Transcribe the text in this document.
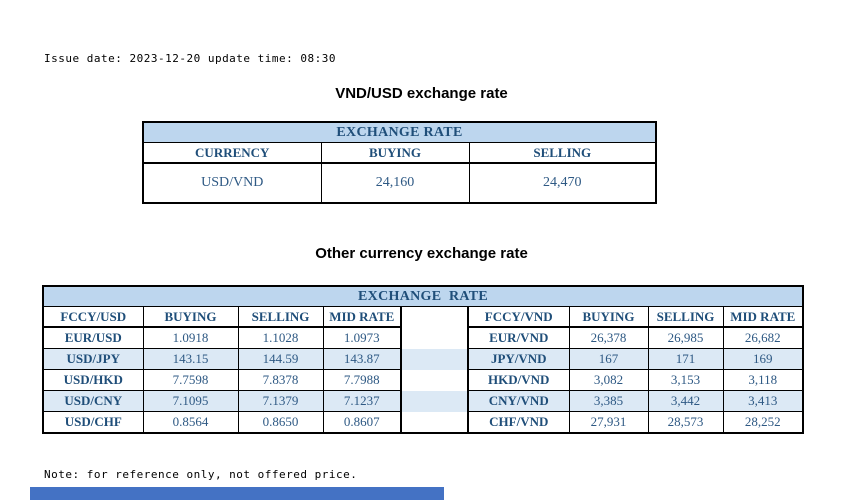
Issue date: 2023-12-20 update time: 08:30
VND/USD exchange rate
EXCHANGE RATE		
CURRENCY	BUYING	SELLING
USD/VND	24,160	24,470
Other currency exchange rate
EXCHANGE  RATE								
FCCY/USD	BUYING	SELLING	MID RATE		FCCY/VND	BUYING	SELLING	MID RATE
EUR/USD	1.0918	1.1028	1.0973		EUR/VND	26,378	26,985	26,682
USD/JPY	143.15	144.59	143.87		JPY/VND	167	171	169
USD/HKD	7.7598	7.8378	7.7988		HKD/VND	3,082	3,153	3,118
USD/CNY	7.1095	7.1379	7.1237		CNY/VND	3,385	3,442	3,413
USD/CHF	0.8564	0.8650	0.8607		CHF/VND	27,931	28,573	28,252
Note: for reference only, not offered price.
